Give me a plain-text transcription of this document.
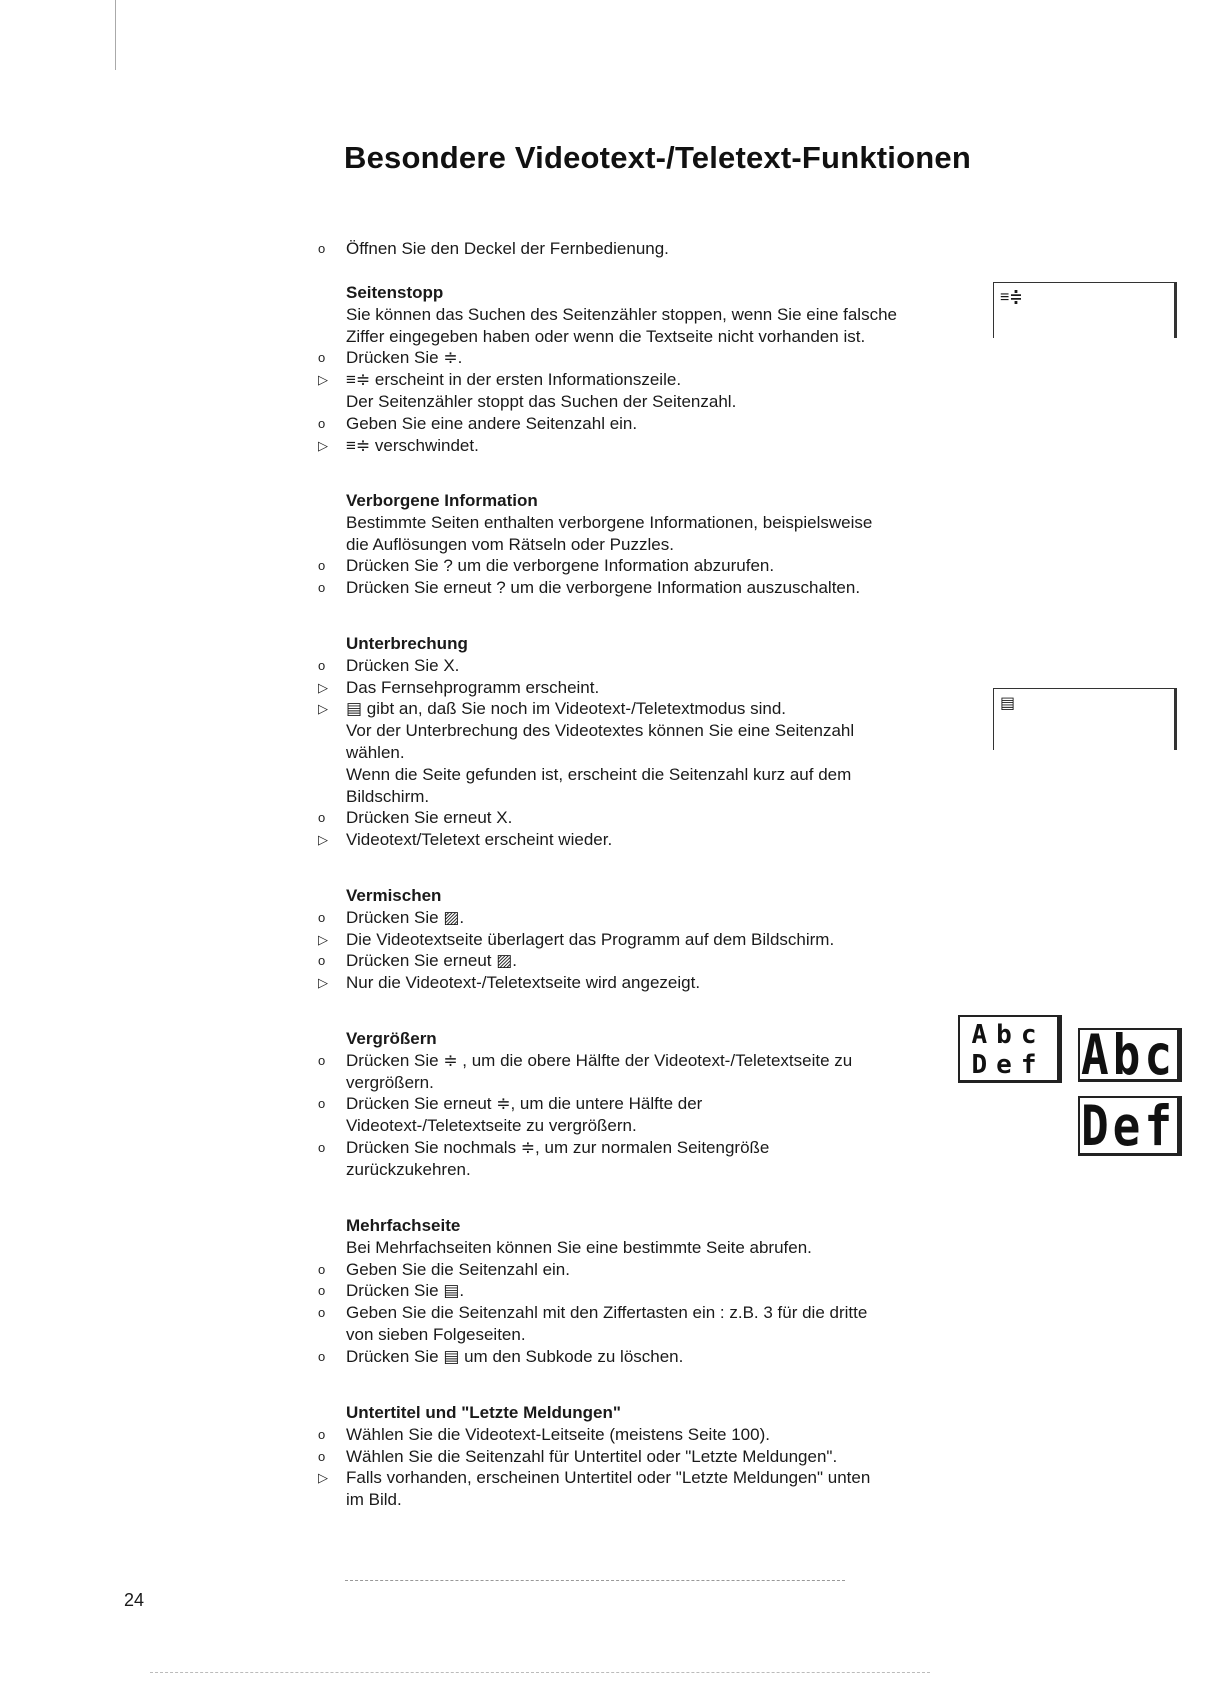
Besondere Videotext-/Teletext-Funktionen
o	Öffnen Sie den Deckel der Fernbedienung.
Seitenstopp
Sie können das Suchen des Seitenzähler stoppen, wenn Sie eine falsche
Ziffer eingegeben haben oder wenn die Textseite nicht vorhanden ist.
o	Drücken Sie ≑.
▷	≡≑ erscheint in der ersten Informationszeile.
Der Seitenzähler stoppt das Suchen der Seitenzahl.
o	Geben Sie eine andere Seitenzahl ein.
▷	≡≑ verschwindet.
Verborgene Information
Bestimmte Seiten enthalten verborgene Informationen, beispielsweise
die Auflösungen vom Rätseln oder Puzzles.
o	Drücken Sie ? um die verborgene Information abzurufen.
o	Drücken Sie erneut ? um die verborgene Information auszuschalten.
Unterbrechung
o	Drücken Sie X.
▷	Das Fernsehprogramm erscheint.
▷	▤ gibt an, daß Sie noch im Videotext-/Teletextmodus sind.
Vor der Unterbrechung des Videotextes können Sie eine Seitenzahl
wählen.
Wenn die Seite gefunden ist, erscheint die Seitenzahl kurz auf dem
Bildschirm.
o	Drücken Sie erneut X.
▷	Videotext/Teletext erscheint wieder.
Vermischen
o	Drücken Sie ▨.
▷	Die Videotextseite überlagert das Programm auf dem Bildschirm.
o	Drücken Sie erneut ▨.
▷	Nur die Videotext-/Teletextseite wird angezeigt.
Vergrößern
o	Drücken Sie ≑ , um die obere Hälfte der Videotext-/Teletextseite zu
vergrößern.
o	Drücken Sie erneut ≑, um die untere Hälfte der
Videotext-/Teletextseite zu vergrößern.
o	Drücken Sie nochmals ≑, um zur normalen Seitengröße
zurückzukehren.
Mehrfachseite
Bei Mehrfachseiten können Sie eine bestimmte Seite abrufen.
o	Geben Sie die Seitenzahl ein.
o	Drücken Sie ▤.
o	Geben Sie die Seitenzahl mit den Ziffertasten ein : z.B. 3 für die dritte
von sieben Folgeseiten.
o	Drücken Sie ▤ um den Subkode zu löschen.
Untertitel und "Letzte Meldungen"
o	Wählen Sie die Videotext-Leitseite (meistens Seite 100).
o	Wählen Sie die Seitenzahl für Untertitel oder "Letzte Meldungen".
▷	Falls vorhanden, erscheinen Untertitel oder "Letzte Meldungen" unten
im Bild.
≡≑
▤
Abc
Def Abc
Def
24
